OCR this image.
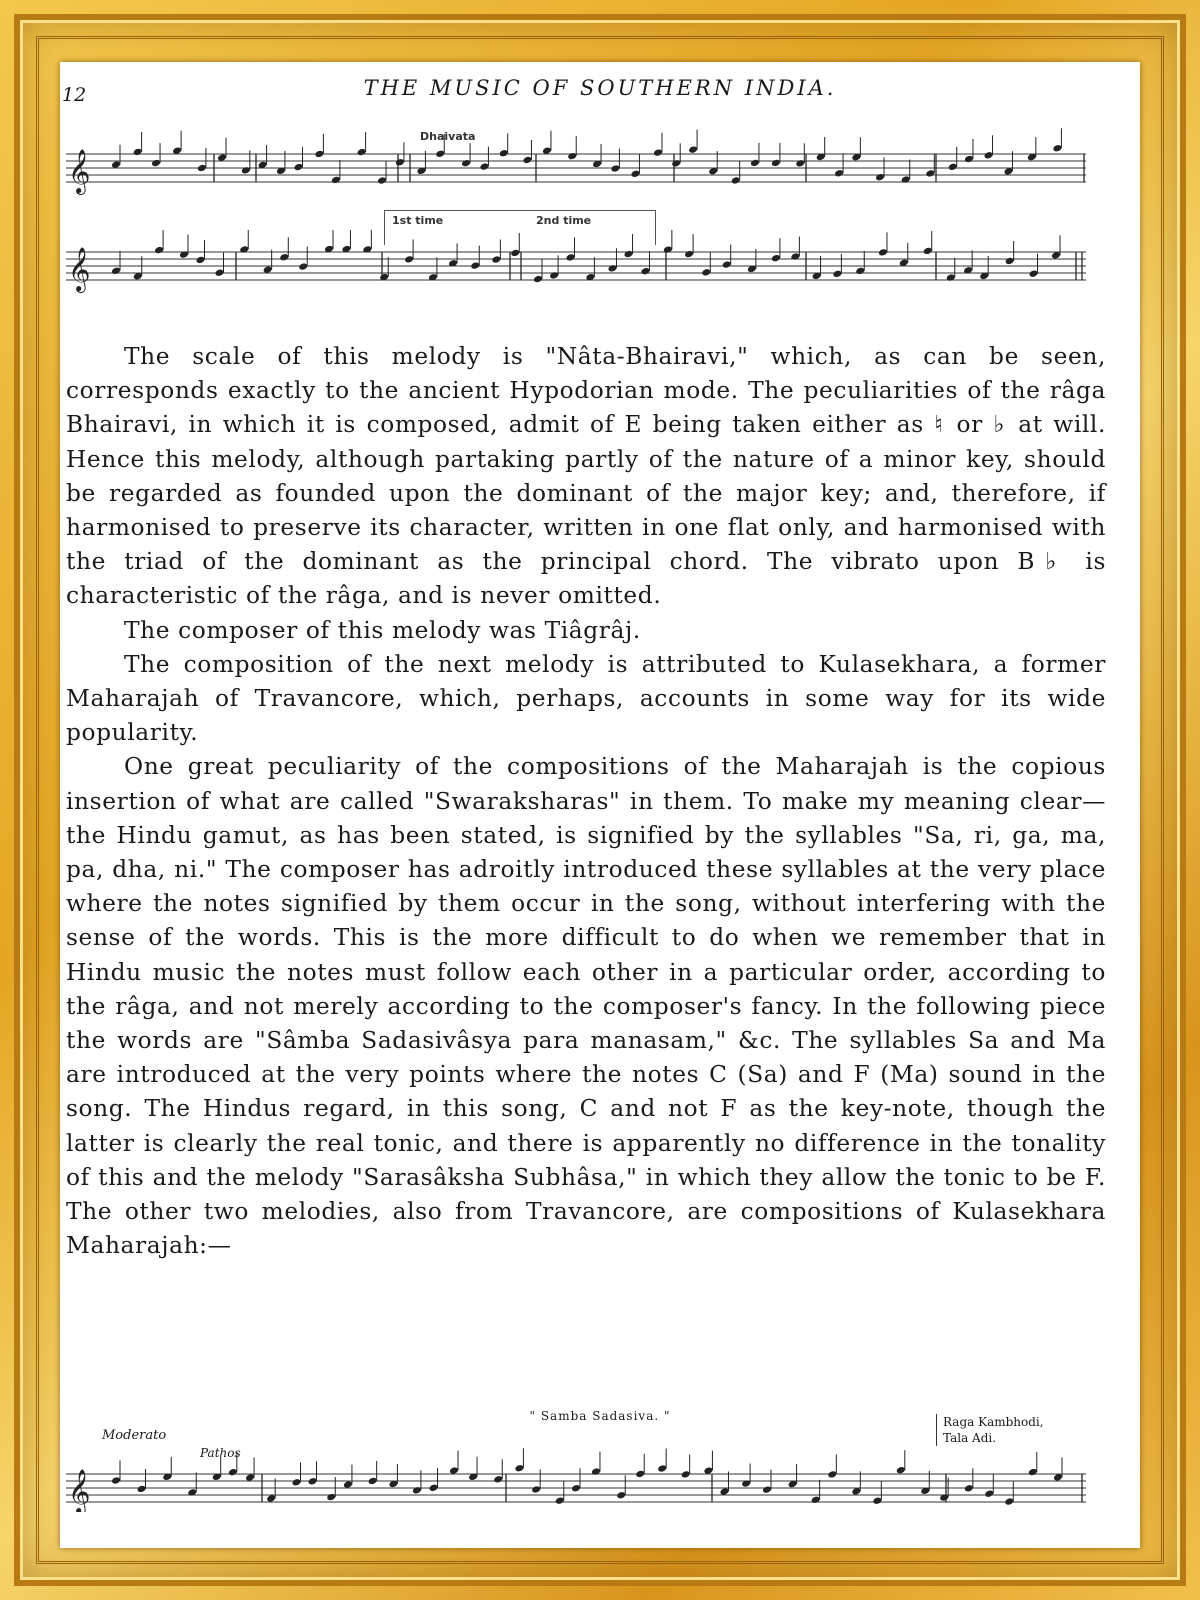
12	THE MUSIC OF SOUTHERN INDIA.
Dhaivata
𝄞
1st time	2nd time
𝄞

The scale of this melody is "Nâta-Bhairavi," which, as can be seen, corresponds exactly to the ancient Hypodorian mode. The peculiarities of the râga Bhairavi, in which it is composed, admit of E being taken either as ♮ or ♭ at will. Hence this melody, although partaking partly of the nature of a minor key, should be regarded as founded upon the dominant of the major key; and, therefore, if harmonised to preserve its character, written in one flat only, and harmonised with the triad of the dominant as the principal chord. The vibrato upon B♭ is characteristic of the râga, and is never omitted.

The composer of this melody was Tiâgrâj.

The composition of the next melody is attributed to Kulasekhara, a former Maharajah of Travancore, which, perhaps, accounts in some way for its wide popularity.

One great peculiarity of the compositions of the Maharajah is the copious insertion of what are called "Swaraksharas" in them. To make my meaning clear—the Hindu gamut, as has been stated, is signified by the syllables "Sa, ri, ga, ma, pa, dha, ni." The composer has adroitly introduced these syllables at the very place where the notes signified by them occur in the song, without interfering with the sense of the words. This is the more difficult to do when we remember that in Hindu music the notes must follow each other in a particular order, according to the râga, and not merely according to the composer's fancy. In the following piece the words are "Sâmba Sadasivâsya para manasam," &c. The syllables Sa and Ma are introduced at the very points where the notes C (Sa) and F (Ma) sound in the song. The Hindus regard, in this song, C and not F as the key-note, though the latter is clearly the real tonic, and there is apparently no difference in the tonality of this and the melody "Sarasâksha Subhâsa," in which they allow the tonic to be F. The other two melodies, also from Travancore, are compositions of Kulasekhara Maharajah:—

" Samba Sadasiva. "
Moderato
Pathos
Raga Kambhodi,
Tala Adi.
𝄞
